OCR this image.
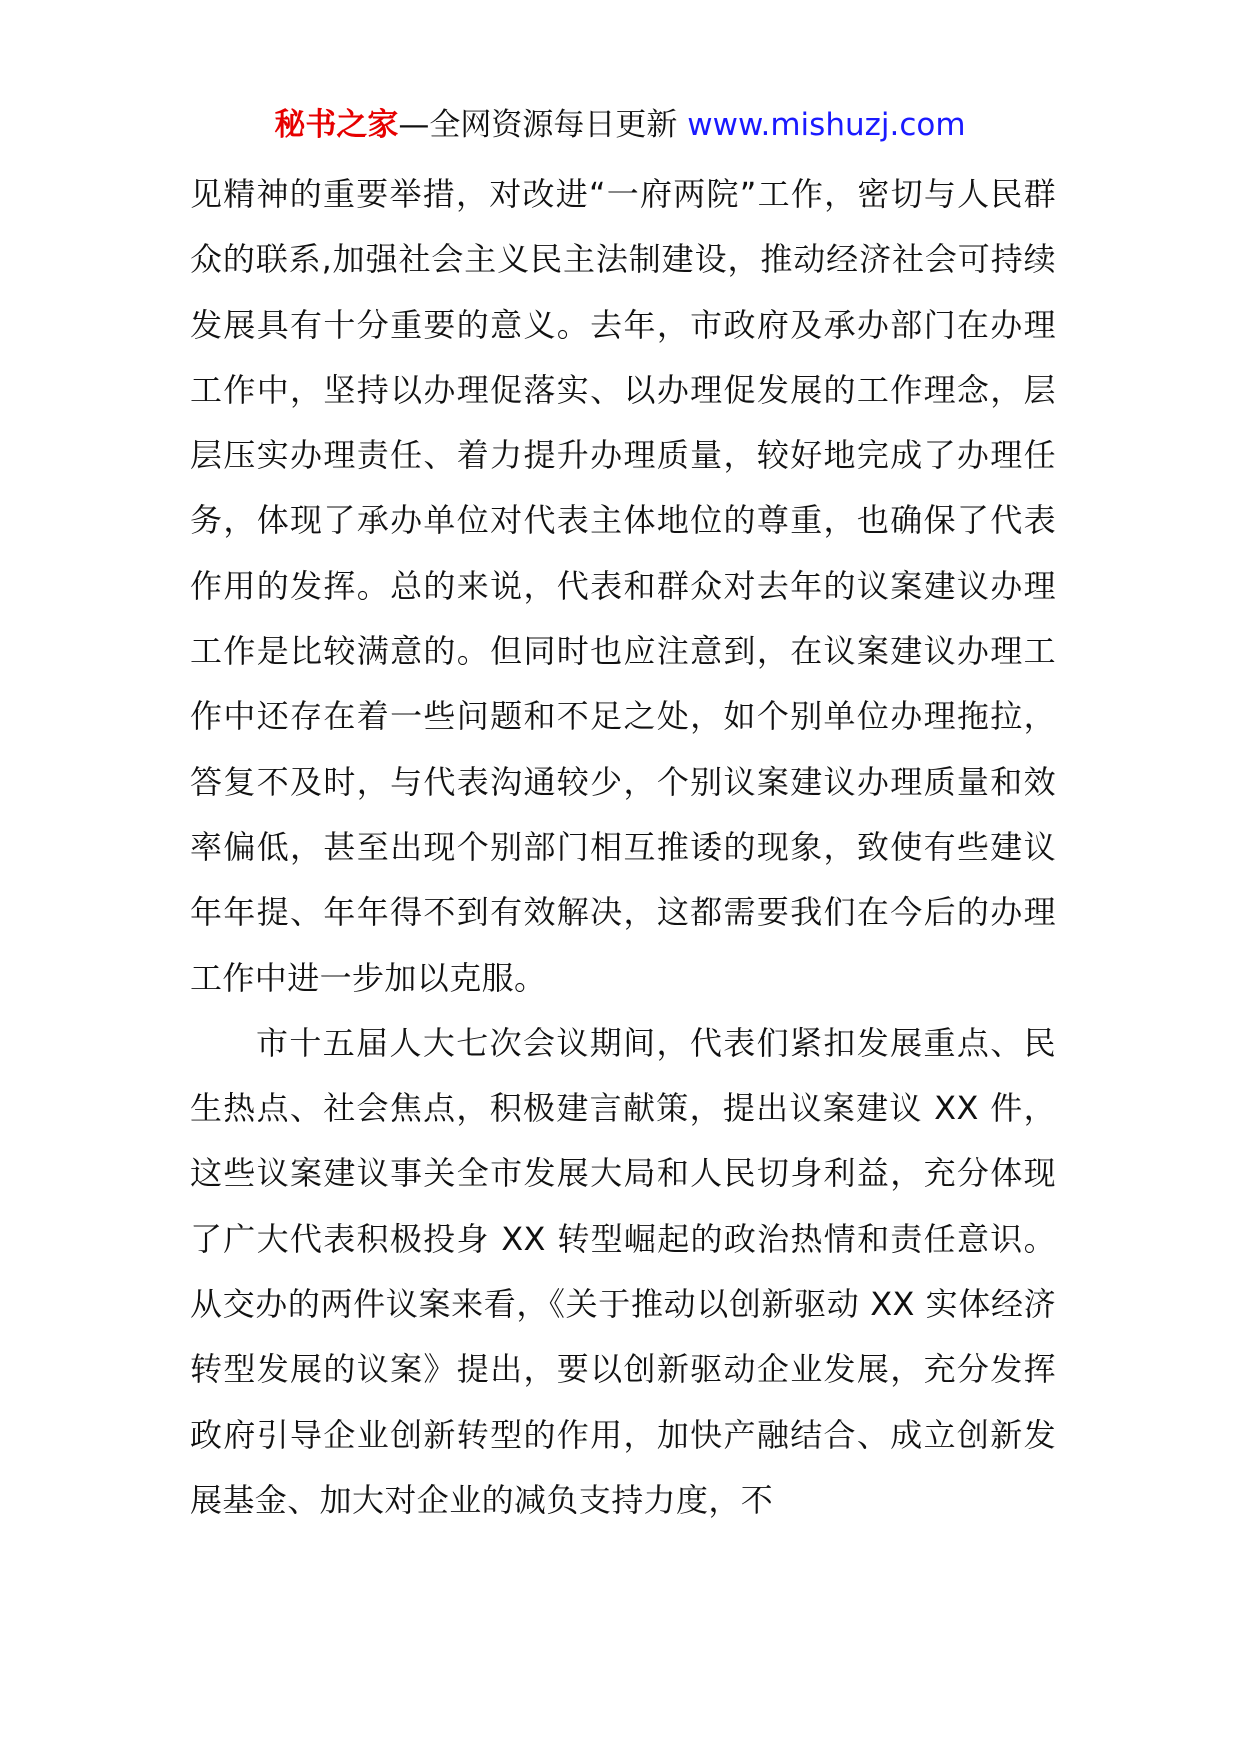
秘书之家—全网资源每日更新 www.mishuzj.com

见精神的重要举措，对改进“一府两院”工作，密切与人民群众的联系,加强社会主义民主法制建设，推动经济社会可持续发展具有十分重要的意义。去年，市政府及承办部门在办理工作中，坚持以办理促落实、以办理促发展的工作理念，层层压实办理责任、着力提升办理质量，较好地完成了办理任务，体现了承办单位对代表主体地位的尊重，也确保了代表作用的发挥。总的来说，代表和群众对去年的议案建议办理工作是比较满意的。但同时也应注意到，在议案建议办理工作中还存在着一些问题和不足之处，如个别单位办理拖拉，答复不及时，与代表沟通较少，个别议案建议办理质量和效率偏低，甚至出现个别部门相互推诿的现象，致使有些建议年年提、年年得不到有效解决，这都需要我们在今后的办理工作中进一步加以克服。

市十五届人大七次会议期间，代表们紧扣发展重点、民生热点、社会焦点，积极建言献策，提出议案建议 XX 件，这些议案建议事关全市发展大局和人民切身利益，充分体现了广大代表积极投身 XX 转型崛起的政治热情和责任意识。从交办的两件议案来看，《关于推动以创新驱动 XX 实体经济转型发展的议案》提出，要以创新驱动企业发展，充分发挥政府引导企业创新转型的作用，加快产融结合、成立创新发展基金、加大对企业的减负支持力度，不
